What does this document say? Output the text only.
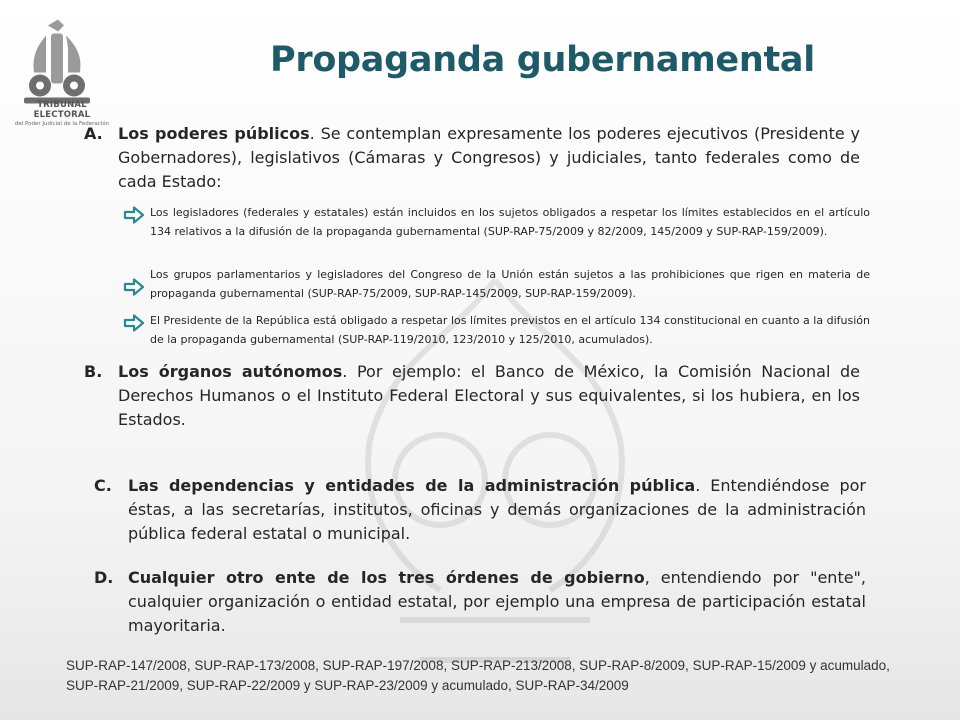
TRIBUNAL ELECTORAL
del Poder Judicial de la Federación
Propaganda gubernamental
A. Los poderes públicos. Se contemplan expresamente los poderes ejecutivos (Presidente y Gobernadores), legislativos (Cámaras y Congresos) y judiciales, tanto federales como de cada Estado:
Los legisladores (federales y estatales) están incluidos en los sujetos obligados a respetar los límites establecidos en el artículo 134 relativos a la difusión de la propaganda gubernamental (SUP-RAP-75/2009 y 82/2009, 145/2009 y SUP-RAP-159/2009).
Los grupos parlamentarios y legisladores del Congreso de la Unión están sujetos a las prohibiciones que rigen en materia de propaganda gubernamental (SUP-RAP-75/2009, SUP-RAP-145/2009, SUP-RAP-159/2009).
El Presidente de la República está obligado a respetar los límites previstos en el artículo 134 constitucional en cuanto a la difusión de la propaganda gubernamental (SUP-RAP-119/2010, 123/2010 y 125/2010, acumulados).
B. Los órganos autónomos. Por ejemplo: el Banco de México, la Comisión Nacional de Derechos Humanos o el Instituto Federal Electoral y sus equivalentes, si los hubiera, en los Estados.
C. Las dependencias y entidades de la administración pública. Entendiéndose por éstas, a las secretarías, institutos, oficinas y demás organizaciones de la administración pública federal estatal o municipal.
D. Cualquier otro ente de los tres órdenes de gobierno, entendiendo por "ente", cualquier organización o entidad estatal, por ejemplo una empresa de participación estatal mayoritaria.
SUP-RAP-147/2008, SUP-RAP-173/2008, SUP-RAP-197/2008, SUP-RAP-213/2008, SUP-RAP-8/2009, SUP-RAP-15/2009 y acumulado, SUP-RAP-21/2009, SUP-RAP-22/2009 y SUP-RAP-23/2009 y acumulado, SUP-RAP-34/2009
